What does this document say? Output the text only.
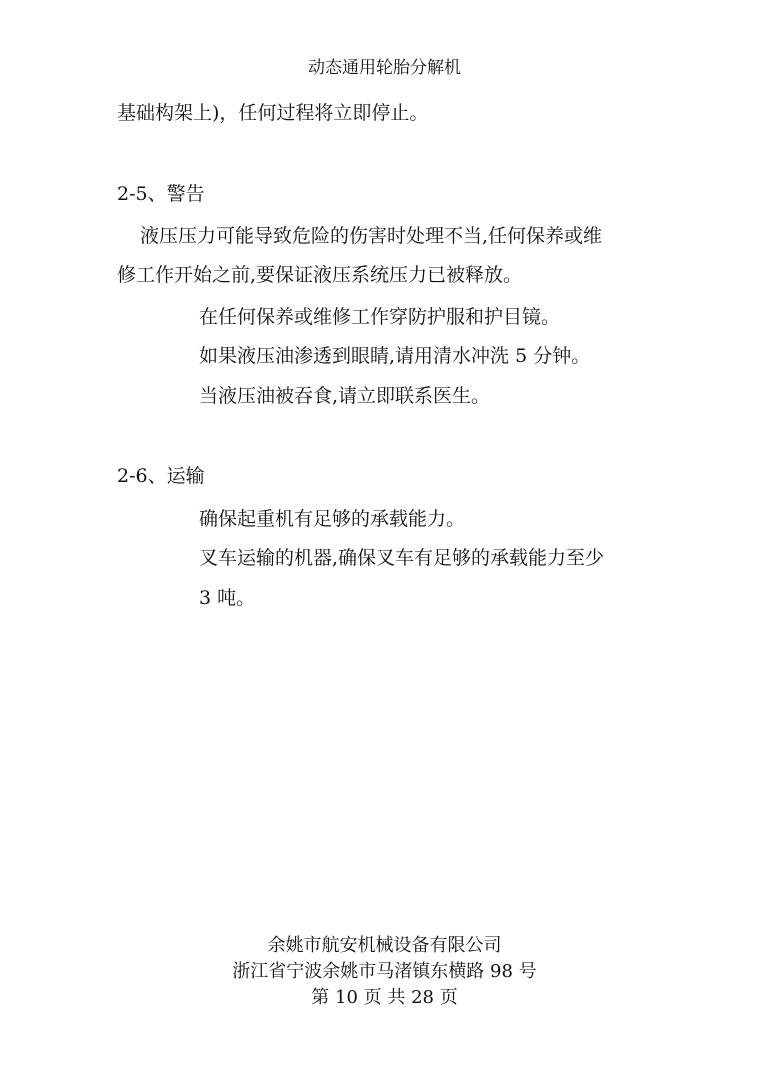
动态通用轮胎分解机
基础构架上)，任何过程将立即停止。
2-5、警告
液压压力可能导致危险的伤害时处理不当,任何保养或维
修工作开始之前,要保证液压系统压力已被释放。
在任何保养或维修工作穿防护服和护目镜。
如果液压油渗透到眼睛,请用清水冲洗 5 分钟。
当液压油被吞食,请立即联系医生。
2-6、运输
确保起重机有足够的承载能力。
叉车运输的机器,确保叉车有足够的承载能力至少
3 吨。
余姚市航安机械设备有限公司
浙江省宁波余姚市马渚镇东横路 98 号
第 10 页 共 28 页
